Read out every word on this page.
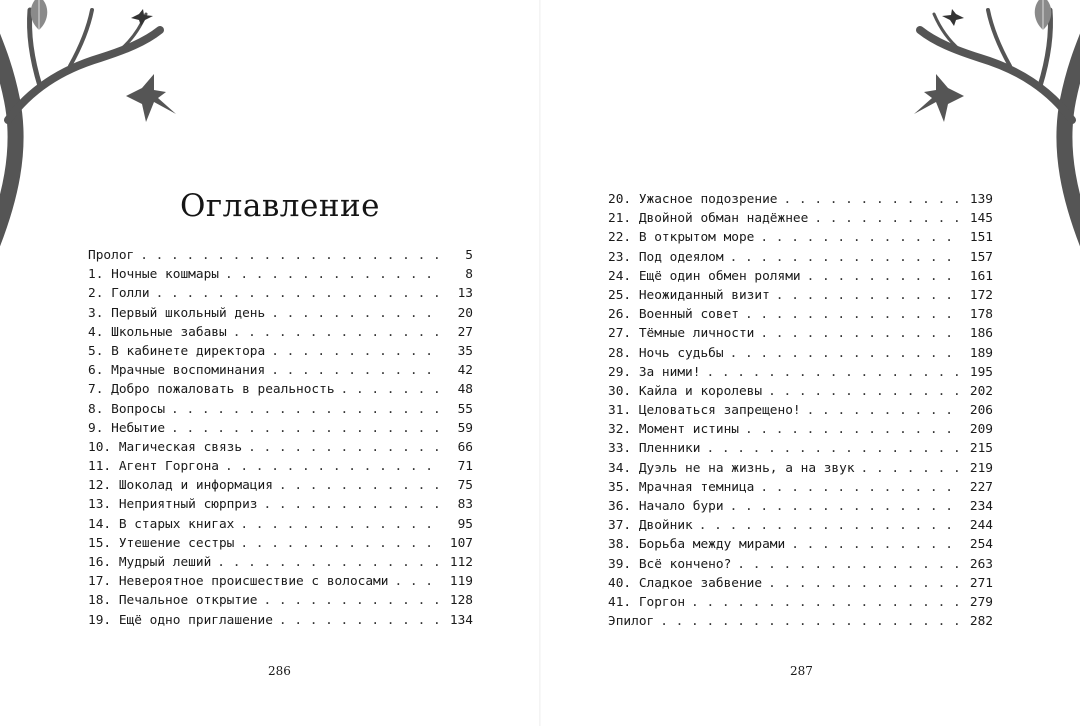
Оглавление
Пролог . . .	5
1. Ночные кошмары . . .	8
2. Голли . . .	13
3. Первый школьный день . . .	20
4. Школьные забавы . . .	27
5. В кабинете директора . . .	35
6. Мрачные воспоминания . . .	42
7. Добро пожаловать в реальность . . .	48
8. Вопросы . . .	55
9. Небытие . . .	59
10. Магическая связь . . .	66
11. Агент Горгона . . .	71
12. Шоколад и информация . . .	75
13. Неприятный сюрприз . . .	83
14. В старых книгах . . .	95
15. Утешение сестры . . .	107
16. Мудрый леший . . .	112
17. Невероятное происшествие с волосами . . .	119
18. Печальное открытие . . .	128
19. Ещё одно приглашение . . .	134
286
20. Ужасное подозрение . . .	139
21. Двойной обман надёжнее . . .	145
22. В открытом море . . .	151
23. Под одеялом . . .	157
24. Ещё один обмен ролями . . .	161
25. Неожиданный визит . . .	172
26. Военный совет . . .	178
27. Тёмные личности . . .	186
28. Ночь судьбы . . .	189
29. За ними! . . .	195
30. Кайла и королевы . . .	202
31. Целоваться запрещено! . . .	206
32. Момент истины . . .	209
33. Пленники . . .	215
34. Дуэль не на жизнь, а на звук . . .	219
35. Мрачная темница . . .	227
36. Начало бури . . .	234
37. Двойник . . .	244
38. Борьба между мирами . . .	254
39. Всё кончено? . . .	263
40. Сладкое забвение . . .	271
41. Горгон . . .	279
Эпилог . . .	282
287
